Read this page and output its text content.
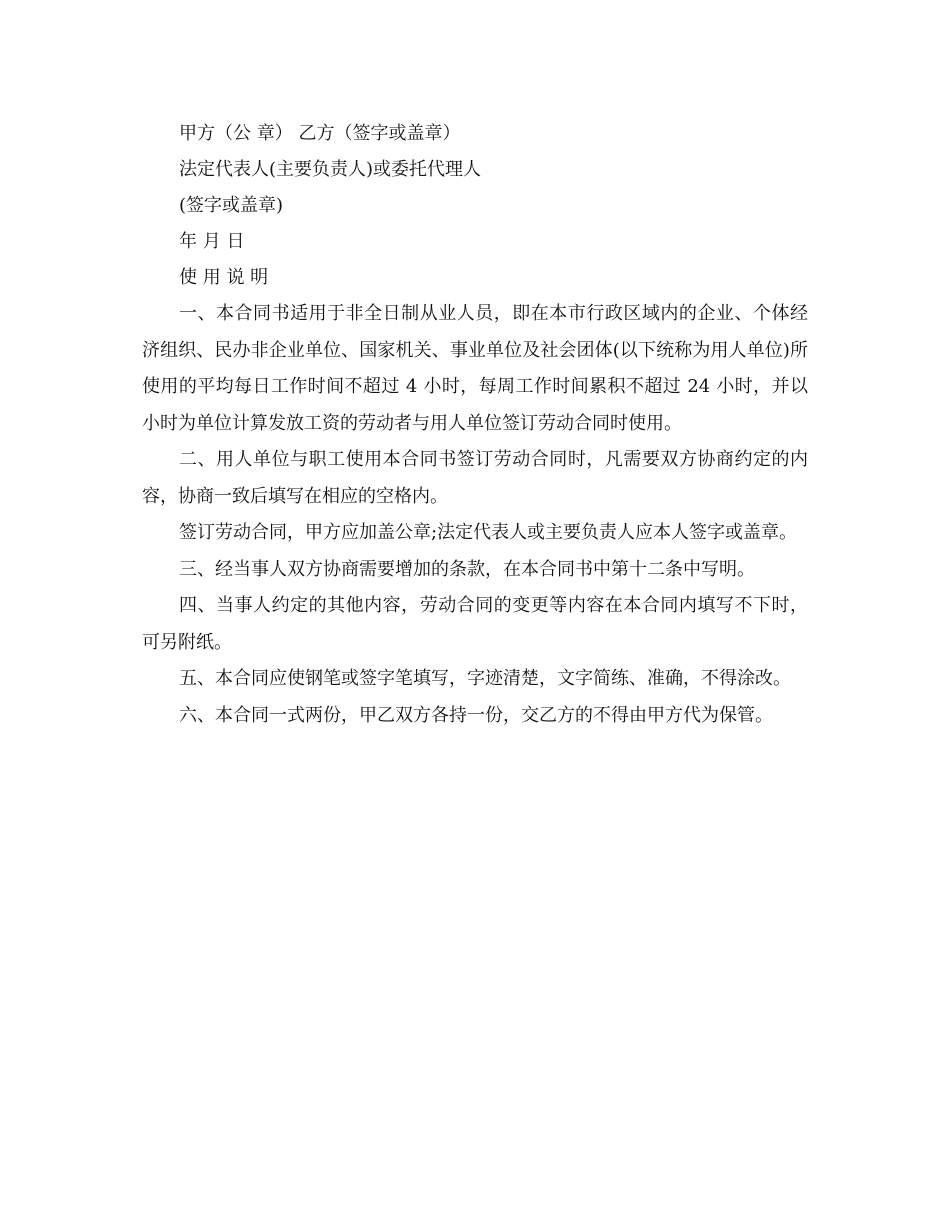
甲方（公 章） 乙方（签字或盖章）

法定代表人(主要负责人)或委托代理人

(签字或盖章)

年 月 日

使 用 说 明

一、本合同书适用于非全日制从业人员，即在本市行政区域内的企业、个体经济组织、民办非企业单位、国家机关、事业单位及社会团体(以下统称为用人单位)所使用的平均每日工作时间不超过 4 小时，每周工作时间累积不超过 24 小时，并以小时为单位计算发放工资的劳动者与用人单位签订劳动合同时使用。

二、用人单位与职工使用本合同书签订劳动合同时，凡需要双方协商约定的内容，协商一致后填写在相应的空格内。

签订劳动合同，甲方应加盖公章;法定代表人或主要负责人应本人签字或盖章。

三、经当事人双方协商需要增加的条款，在本合同书中第十二条中写明。

四、当事人约定的其他内容，劳动合同的变更等内容在本合同内填写不下时，可另附纸。

五、本合同应使钢笔或签字笔填写，字迹清楚，文字简练、准确，不得涂改。

六、本合同一式两份，甲乙双方各持一份，交乙方的不得由甲方代为保管。
